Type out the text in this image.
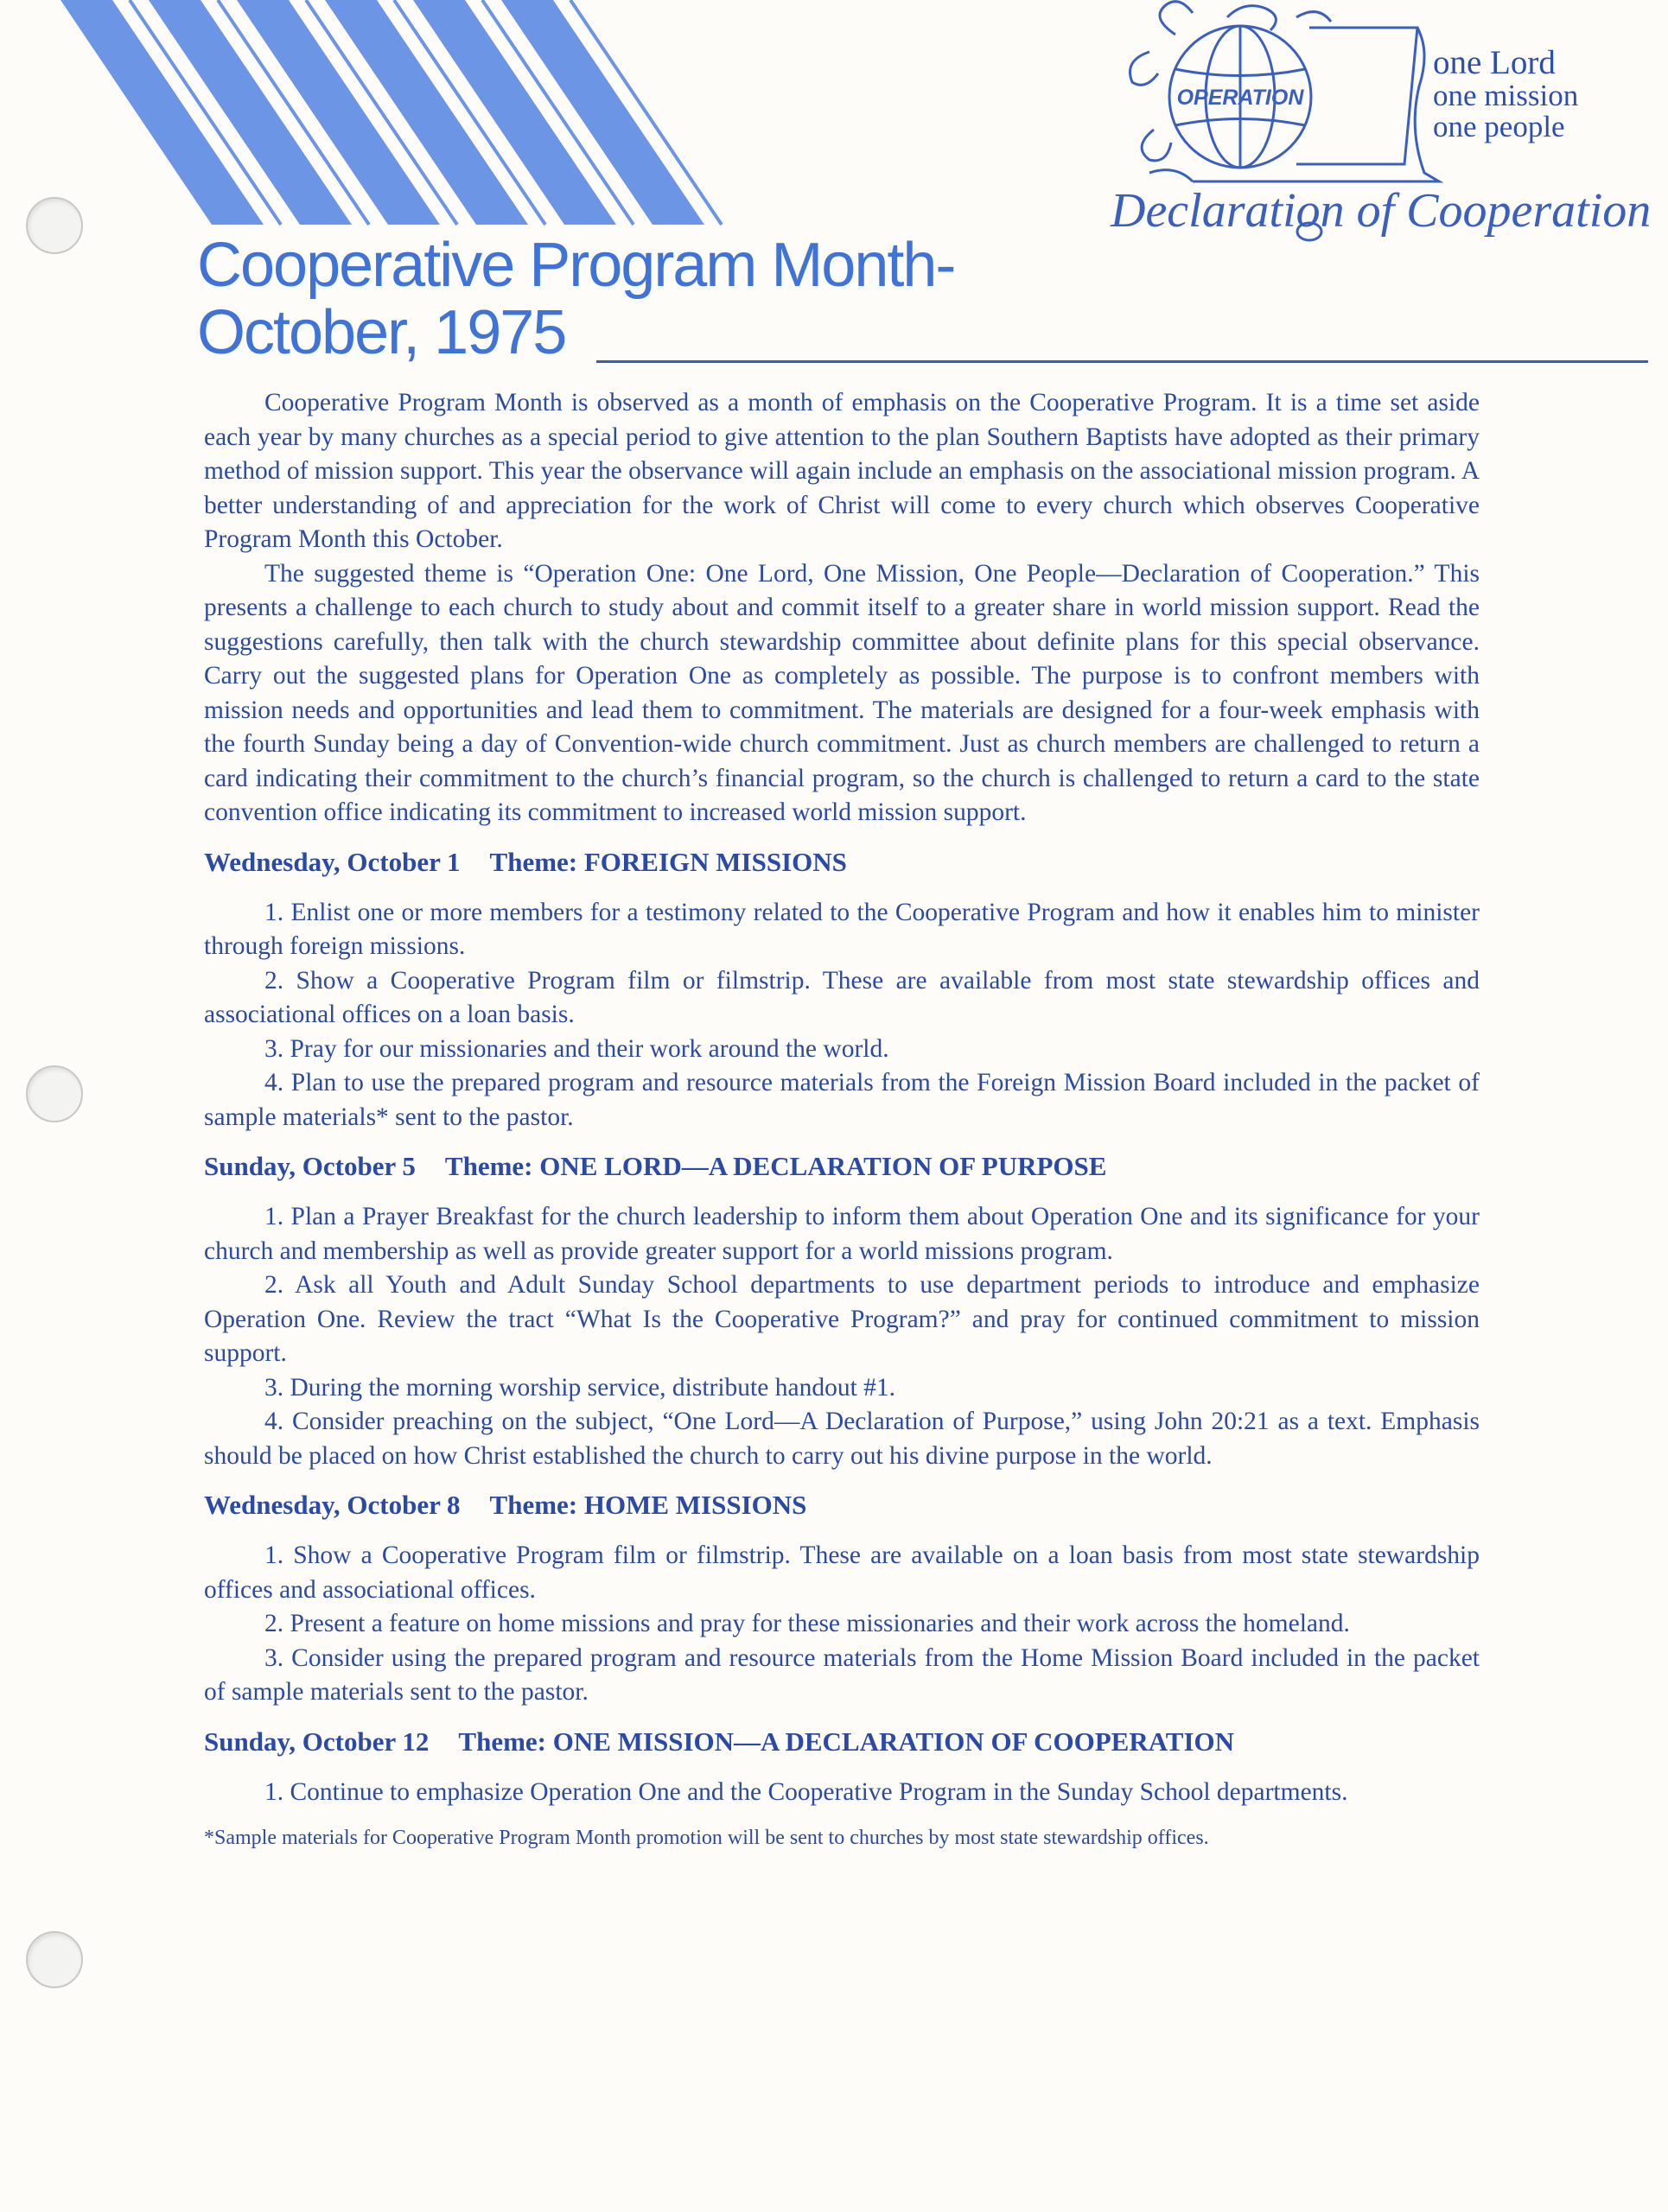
OPERATION
one Lord
one mission
one people
Declaration of Cooperation
Cooperative Program Month-
October, 1975

Cooperative Program Month is observed as a month of emphasis on the Cooperative Program. It is a time set aside each year by many churches as a special period to give attention to the plan Southern Baptists have adopted as their primary method of mission support. This year the observance will again include an emphasis on the associational mission program. A better understanding of and appreciation for the work of Christ will come to every church which observes Cooperative Program Month this October.

The suggested theme is “Operation One: One Lord, One Mission, One People—Declaration of Cooperation.” This presents a challenge to each church to study about and commit itself to a greater share in world mission support. Read the suggestions carefully, then talk with the church stewardship committee about definite plans for this special observance. Carry out the suggested plans for Operation One as completely as possible. The purpose is to confront members with mission needs and opportunities and lead them to commitment. The materials are designed for a four-week emphasis with the fourth Sunday being a day of Convention-wide church commitment. Just as church members are challenged to return a card indicating their commitment to the church’s financial program, so the church is challenged to return a card to the state convention office indicating its commitment to increased world mission support.

Wednesday, October 1 Theme: FOREIGN MISSIONS

1. Enlist one or more members for a testimony related to the Cooperative Program and how it enables him to minister through foreign missions.

2. Show a Cooperative Program film or filmstrip. These are available from most state stewardship offices and associational offices on a loan basis.

3. Pray for our missionaries and their work around the world.

4. Plan to use the prepared program and resource materials from the Foreign Mission Board included in the packet of sample materials* sent to the pastor.

Sunday, October 5 Theme: ONE LORD—A DECLARATION OF PURPOSE

1. Plan a Prayer Breakfast for the church leadership to inform them about Operation One and its significance for your church and membership as well as provide greater support for a world missions program.

2. Ask all Youth and Adult Sunday School departments to use department periods to introduce and emphasize Operation One. Review the tract “What Is the Cooperative Program?” and pray for continued commitment to mission support.

3. During the morning worship service, distribute handout #1.

4. Consider preaching on the subject, “One Lord—A Declaration of Purpose,” using John 20:21 as a text. Emphasis should be placed on how Christ established the church to carry out his divine purpose in the world.

Wednesday, October 8 Theme: HOME MISSIONS

1. Show a Cooperative Program film or filmstrip. These are available on a loan basis from most state stewardship offices and associational offices.

2. Present a feature on home missions and pray for these missionaries and their work across the homeland.

3. Consider using the prepared program and resource materials from the Home Mission Board included in the packet of sample materials sent to the pastor.

Sunday, October 12 Theme: ONE MISSION—A DECLARATION OF COOPERATION

1. Continue to emphasize Operation One and the Cooperative Program in the Sunday School departments.

*Sample materials for Cooperative Program Month promotion will be sent to churches by most state stewardship offices.
